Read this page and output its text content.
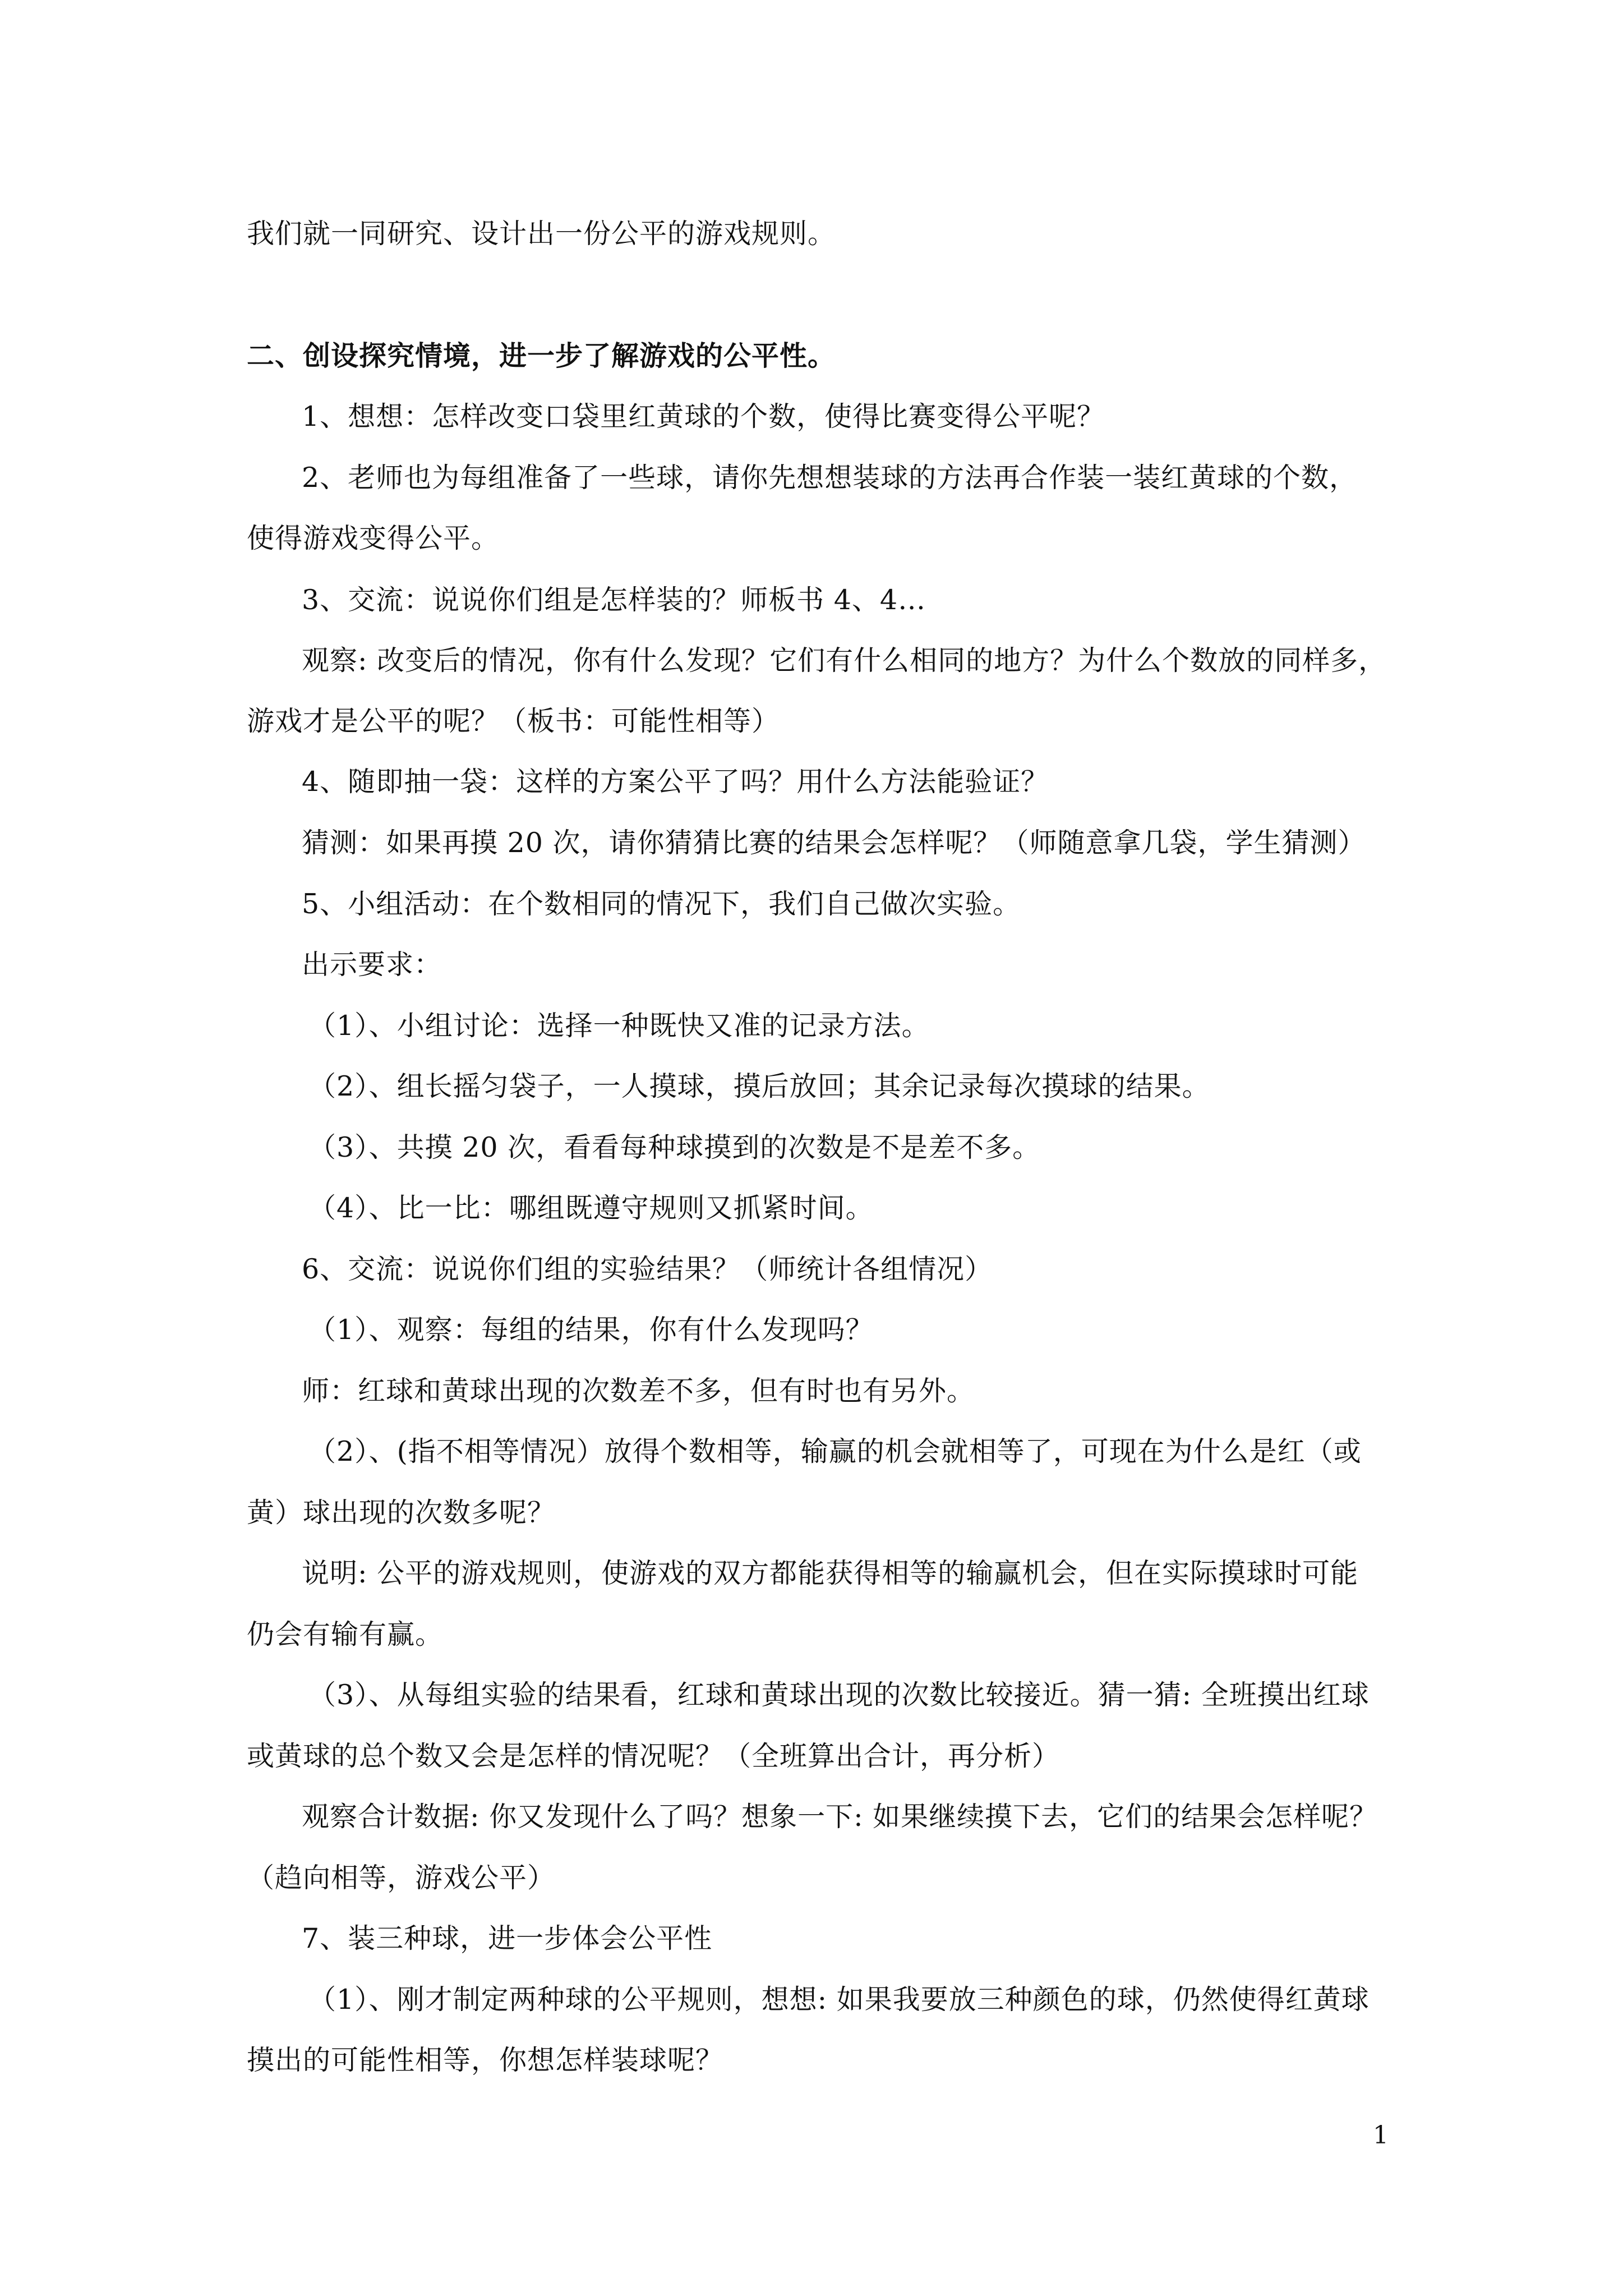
我们就一同研究、设计出一份公平的游戏规则。
二、创设探究情境，进一步了解游戏的公平性。
1、想想：怎样改变口袋里红黄球的个数，使得比赛变得公平呢？
2、老师也为每组准备了一些球，请你先想想装球的方法再合作装一装红黄球的个数，
使得游戏变得公平。
3、交流：说说你们组是怎样装的？师板书 4、4…
观察: 改变后的情况，你有什么发现？它们有什么相同的地方？为什么个数放的同样多，
游戏才是公平的呢？（板书：可能性相等）
4、随即抽一袋：这样的方案公平了吗？用什么方法能验证？
猜测：如果再摸 20 次，请你猜猜比赛的结果会怎样呢？（师随意拿几袋，学生猜测）
5、小组活动：在个数相同的情况下，我们自己做次实验。
出示要求：
（1）、小组讨论：选择一种既快又准的记录方法。
（2）、组长摇匀袋子，一人摸球，摸后放回；其余记录每次摸球的结果。
（3）、共摸 20 次，看看每种球摸到的次数是不是差不多。
（4）、比一比：哪组既遵守规则又抓紧时间。
6、交流：说说你们组的实验结果？（师统计各组情况）
（1）、观察：每组的结果，你有什么发现吗？
师：红球和黄球出现的次数差不多，但有时也有另外。
（2）、(指不相等情况）放得个数相等，输赢的机会就相等了，可现在为什么是红（或
黄）球出现的次数多呢？
说明: 公平的游戏规则，使游戏的双方都能获得相等的输赢机会，但在实际摸球时可能
仍会有输有赢。
（3）、从每组实验的结果看，红球和黄球出现的次数比较接近。猜一猜: 全班摸出红球
或黄球的总个数又会是怎样的情况呢？（全班算出合计，再分析）
观察合计数据: 你又发现什么了吗？想象一下: 如果继续摸下去，它们的结果会怎样呢？
（趋向相等，游戏公平）
7、装三种球，进一步体会公平性
（1）、刚才制定两种球的公平规则，想想: 如果我要放三种颜色的球，仍然使得红黄球
摸出的可能性相等，你想怎样装球呢？
1
